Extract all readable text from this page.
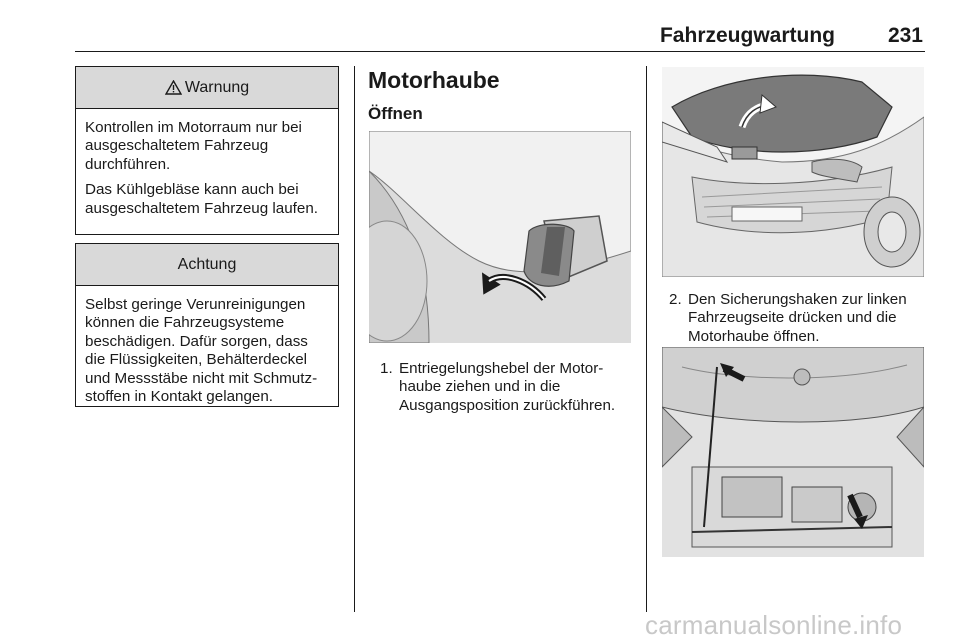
Fahrzeugwartung	231
Warnung

Kontrollen im Motorraum nur bei ausgeschaltetem Fahrzeug durchführen.

Das Kühlgebläse kann auch bei ausgeschaltetem Fahrzeug laufen.

Achtung

Selbst geringe Verunreinigungen können die Fahrzeugsysteme beschädigen. Dafür sorgen, dass die Flüssigkeiten, Behälterdeckel und Messstäbe nicht mit Schmutzstoffen in Kontakt gelangen.

Motorhaube
Öffnen
1. Entriegelungshebel der Motorhaube ziehen und in die Ausgangsposition zurückführen.
2. Den Sicherungshaken zur linken Fahrzeugseite drücken und die Motorhaube öffnen.
carmanualsonline.info
